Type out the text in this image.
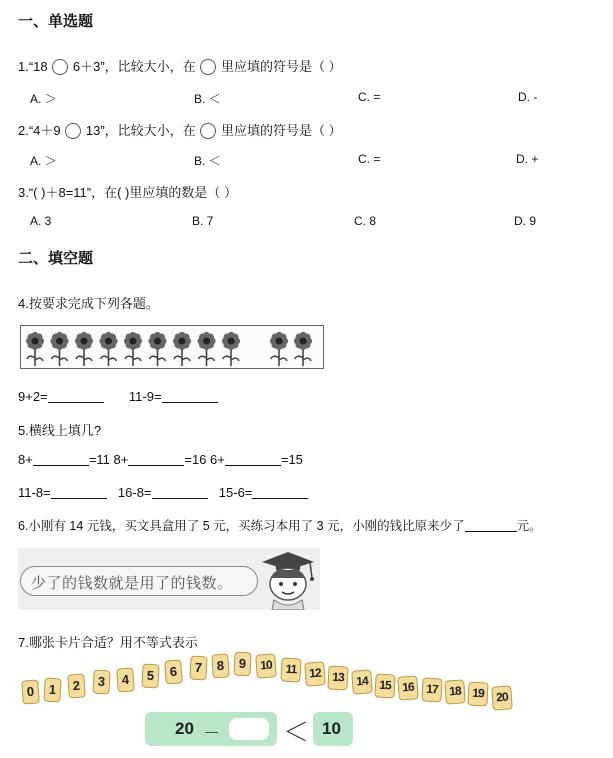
一、单选题
1.“18 6＋3”，比较大小，在 里应填的符号是（ ）
A. ＞	B. ＜	C. =	D. -
2.“4＋9 13”，比较大小，在 里应填的符号是（ ）
A. ＞	B. ＜	C. =	D. +
3.“( )＋8=11”，在( )里应填的数是（ ）
A. 3	B. 7	C. 8	D. 9
二、填空题
4.按要求完成下列各题。
9+2=	11-9=
5.横线上填几?
8+	=11 8+	=16 6+	=15
11-8=	16-8=	15-6=
6.小刚有 14 元钱，买文具盒用了 5 元，买练习本用了 3 元，小刚的钱比原来少了	元。
少了的钱数就是用了的钱数。
7.哪张卡片合适？用不等式表示
0	1	2	3	4	5	6	7	8	9	10	11	12 13 14 15 16 17 18 19 20
20 － ＜ 10
